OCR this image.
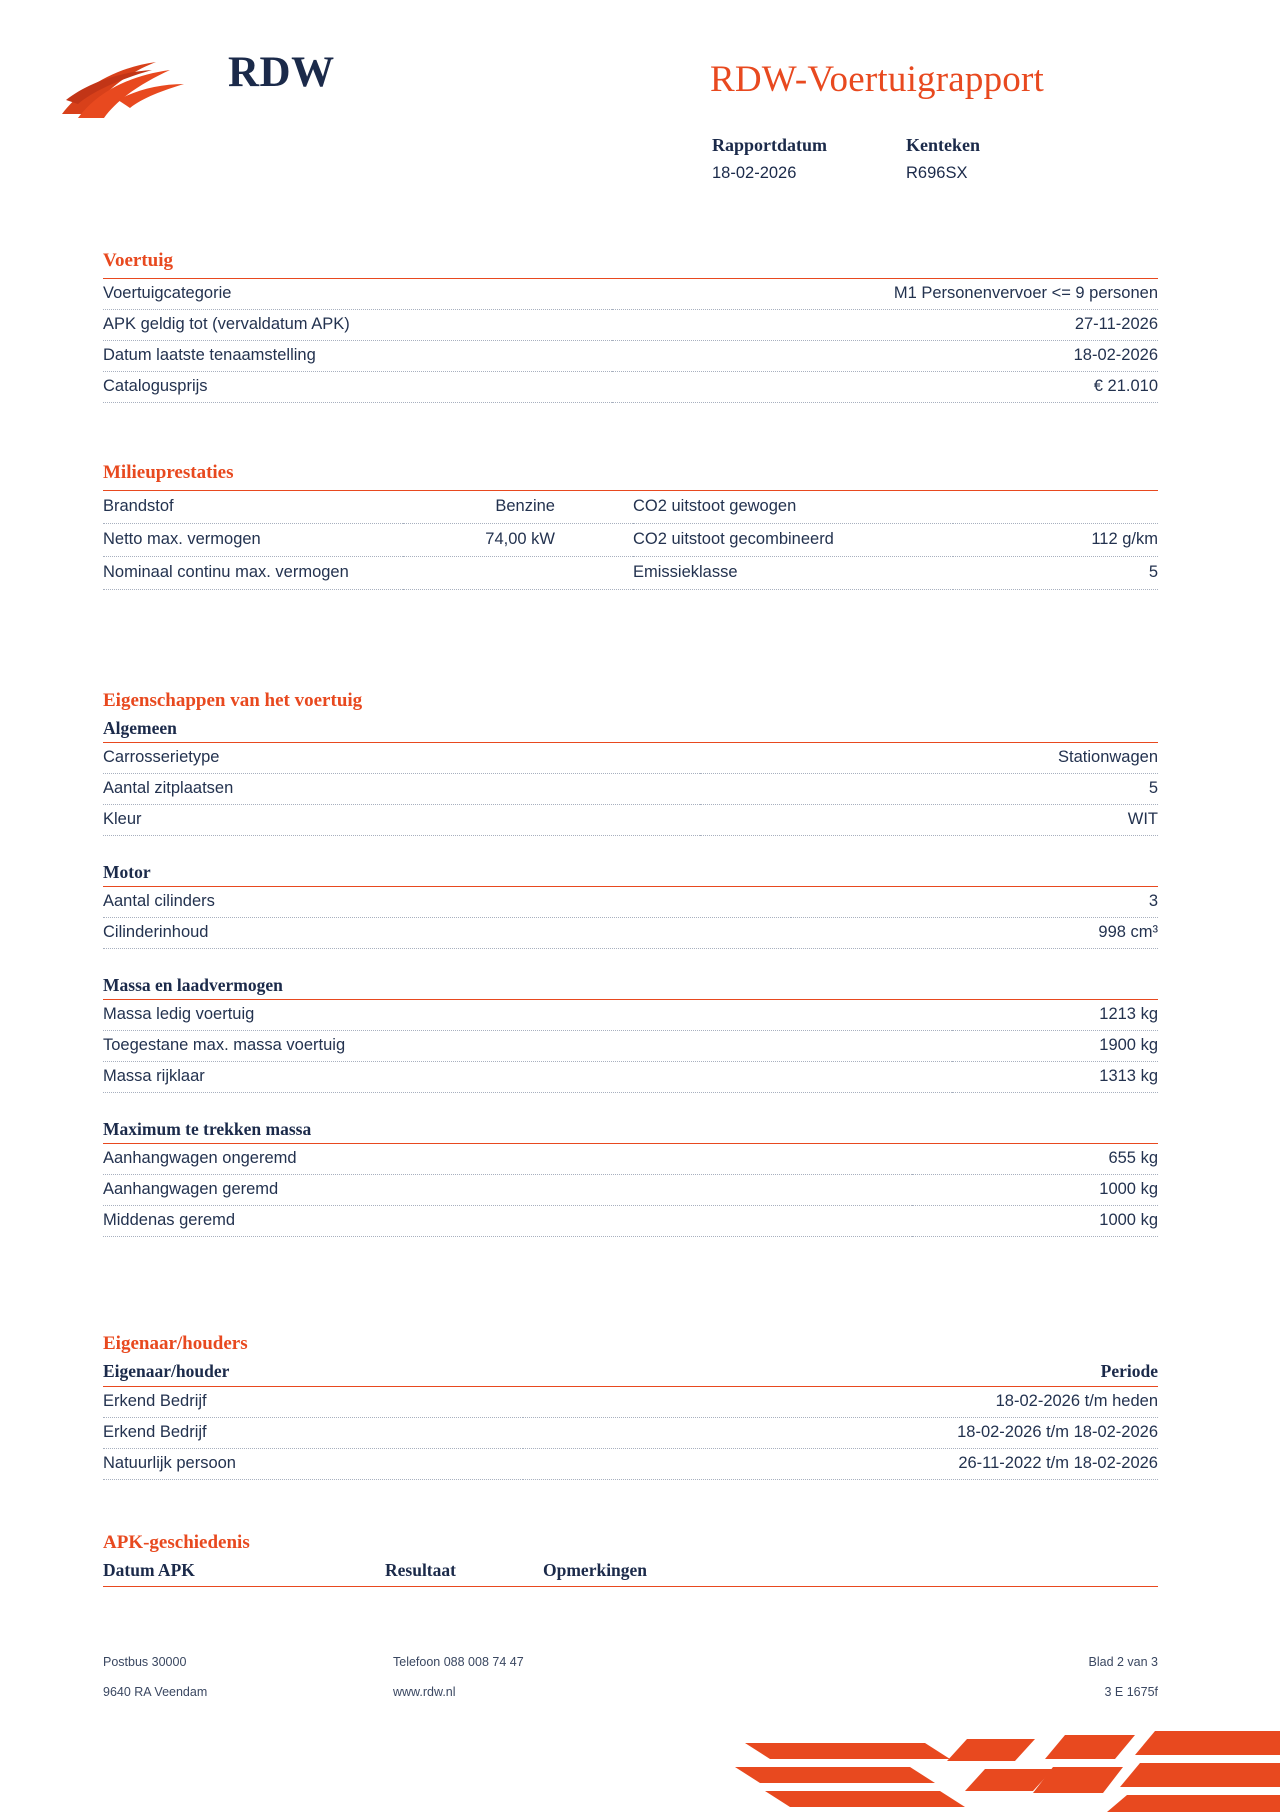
RDW	RDW-Voertuigrapport
Rapportdatum
18-02-2026
Kenteken
R696SX
Voertuig
Voertuigcategorie	M1 Personenvervoer <= 9 personen
APK geldig tot (vervaldatum APK)	27-11-2026
Datum laatste tenaamstelling	18-02-2026
Catalogusprijs	€ 21.010
Milieuprestaties
Brandstof	Benzine	CO2 uitstoot gewogen	
Netto max. vermogen	74,00 kW	CO2 uitstoot gecombineerd	112 g/km
Nominaal continu max. vermogen		Emissieklasse	5
Eigenschappen van het voertuig
Algemeen
Carrosserietype	Stationwagen
Aantal zitplaatsen	5
Kleur	WIT
Motor
Aantal cilinders	3
Cilinderinhoud	998 cm³
Massa en laadvermogen
Massa ledig voertuig	1213 kg
Toegestane max. massa voertuig	1900 kg
Massa rijklaar	1313 kg
Maximum te trekken massa
Aanhangwagen ongeremd	655 kg
Aanhangwagen geremd	1000 kg
Middenas geremd	1000 kg
Eigenaar/houders
Eigenaar/houder	Periode
Erkend Bedrijf	18-02-2026 t/m heden
Erkend Bedrijf	18-02-2026 t/m 18-02-2026
Natuurlijk persoon	26-11-2022 t/m 18-02-2026
APK-geschiedenis
Datum APK	Resultaat	Opmerkingen
Postbus 30000	Telefoon 088 008 74 47	Blad 2 van 3
9640 RA Veendam	www.rdw.nl	3 E 1675f
